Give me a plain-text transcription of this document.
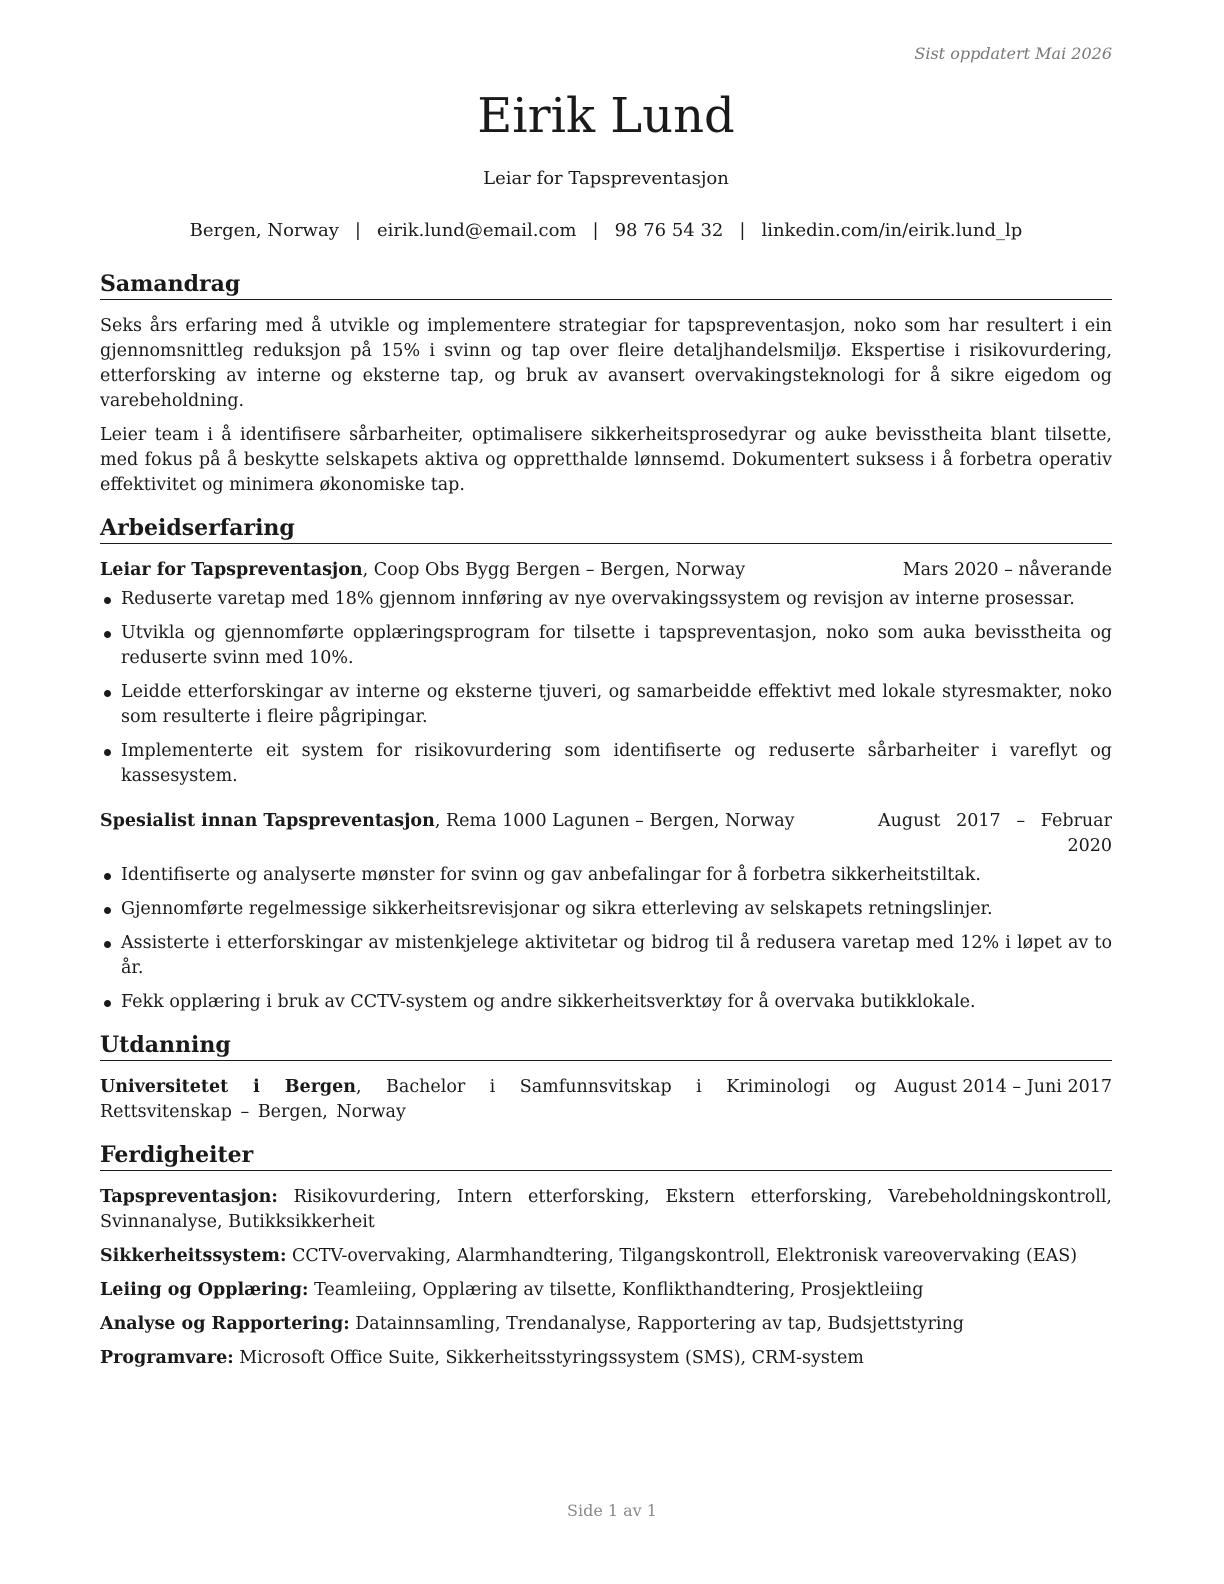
Sist oppdatert Mai 2026
Eirik Lund
Leiar for Tapspreventasjon
Bergen, Norway | eirik.lund@email.com | 98 76 54 32 | linkedin.com/in/eirik.lund_lp
Samandrag

Seks års erfaring med å utvikle og implementere strategiar for tapspreventasjon, noko som har resultert i ein gjennomsnittleg reduksjon på 15% i svinn og tap over fleire detaljhandelsmiljø. Ekspertise i risikovurdering, etterforsking av interne og eksterne tap, og bruk av avansert overvakingsteknologi for å sikre eigedom og varebeholdning.

Leier team i å identifisere sårbarheiter, optimalisere sikkerheitsprosedyrar og auke bevisstheita blant tilsette, med fokus på å beskytte selskapets aktiva og oppretthalde lønnsemd. Dokumentert suksess i å forbetra operativ effektivitet og minimera økonomiske tap.

Arbeidserfaring
Leiar for Tapspreventasjon, Coop Obs Bygg Bergen – Bergen, Norway	Mars 2020 – nåverande
Reduserte varetap med 18% gjennom innføring av nye overvakingssystem og revisjon av interne prosessar.
Utvikla og gjennomførte opplæringsprogram for tilsette i tapspreventasjon, noko som auka bevisstheita og reduserte svinn med 10%.
Leidde etterforskingar av interne og eksterne tjuveri, og samarbeidde effektivt med lokale styresmakter, noko som resulterte i fleire pågripingar.
Implementerte eit system for risikovurdering som identifiserte og reduserte sårbarheiter i vareflyt og kassesystem.
Spesialist innan Tapspreventasjon, Rema 1000 Lagunen – Bergen, Norway	August 2017 – Februar
2020
Identifiserte og analyserte mønster for svinn og gav anbefalingar for å forbetra sikkerheitstiltak.
Gjennomførte regelmessige sikkerheitsrevisjonar og sikra etterleving av selskapets retningslinjer.
Assisterte i etterforskingar av mistenkjelege aktivitetar og bidrog til å redusera varetap med 12% i løpet av to år.
Fekk opplæring i bruk av CCTV-system og andre sikkerheitsverktøy for å overvaka butikklokale.
Utdanning
Universitetet i Bergen, Bachelor i Samfunnsvitskap i Kriminologi og Rettsvitenskap – Bergen, Norway
August 2014 – Juni 2017
Ferdigheiter

Tapspreventasjon: Risikovurdering, Intern etterforsking, Ekstern etterforsking, Varebeholdningskontroll, Svinnanalyse, Butikksikkerheit

Sikkerheitssystem: CCTV-overvaking, Alarmhandtering, Tilgangskontroll, Elektronisk vareovervaking (EAS)

Leiing og Opplæring: Teamleiing, Opplæring av tilsette, Konflikthandtering, Prosjektleiing

Analyse og Rapportering: Datainnsamling, Trendanalyse, Rapportering av tap, Budsjettstyring

Programvare: Microsoft Office Suite, Sikkerheitsstyringssystem (SMS), CRM-system

Side 1 av 1
